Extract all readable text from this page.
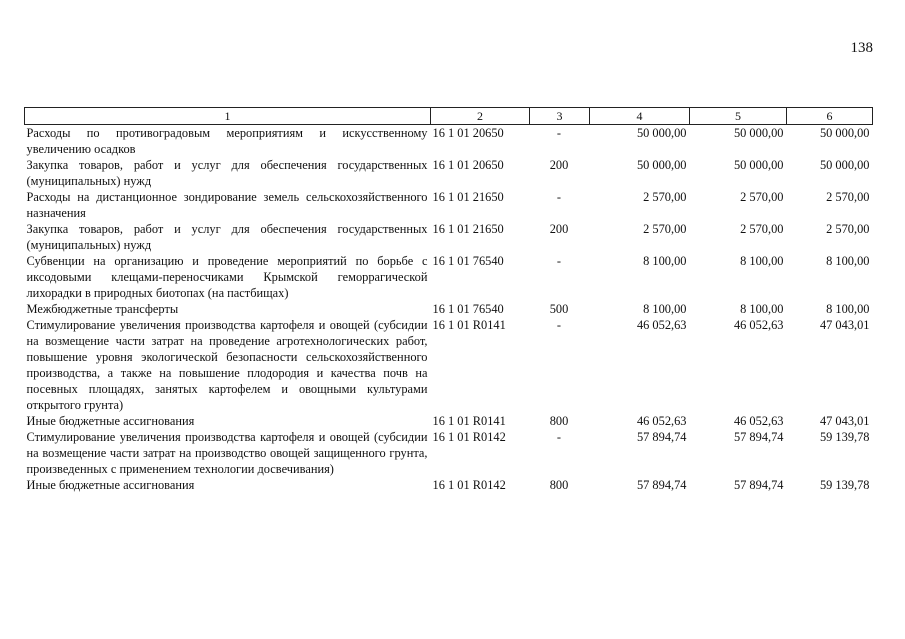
138
1	2	3	4	5	6
Расходы по противоградовым мероприятиям и искусственному увеличению осадков	16 1 01 20650	-	50 000,00	50 000,00	50 000,00
Закупка товаров, работ и услуг для обеспечения государственных (муниципальных) нужд	16 1 01 20650	200	50 000,00	50 000,00	50 000,00
Расходы на дистанционное зондирование земель сельскохозяйственного назначения	16 1 01 21650	-	2 570,00	2 570,00	2 570,00
Закупка товаров, работ и услуг для обеспечения государственных (муниципальных) нужд	16 1 01 21650	200	2 570,00	2 570,00	2 570,00
Субвенции на организацию и проведение мероприятий по борьбе с иксодовыми клещами-переносчиками Крымской геморрагической лихорадки в природных биотопах (на пастбищах)	16 1 01 76540	-	8 100,00	8 100,00	8 100,00
Межбюджетные трансферты	16 1 01 76540	500	8 100,00	8 100,00	8 100,00
Стимулирование увеличения производства картофеля и овощей (субсидии на возмещение части затрат на проведение агротехнологических работ, повышение уровня экологической безопасности сельскохозяйственного производства, а также на повышение плодородия и качества почв на посевных площадях, занятых картофелем и овощными культурами открытого грунта)	16 1 01 R0141	-	46 052,63	46 052,63	47 043,01
Иные бюджетные ассигнования	16 1 01 R0141	800	46 052,63	46 052,63	47 043,01
Стимулирование увеличения производства картофеля и овощей (субсидии на возмещение части затрат на производство овощей защищенного грунта, произведенных с применением технологии досвечивания)	16 1 01 R0142	-	57 894,74	57 894,74	59 139,78
Иные бюджетные ассигнования	16 1 01 R0142	800	57 894,74	57 894,74	59 139,78
